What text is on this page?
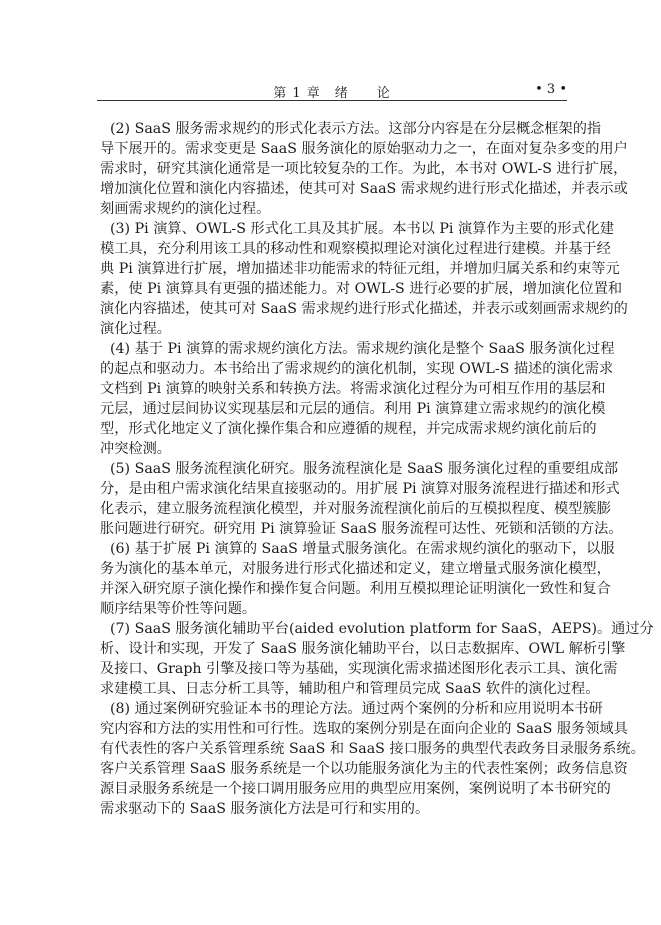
第 1 章　绪　　论	• 3 •
(2) SaaS 服务需求规约的形式化表示方法。这部分内容是在分层概念框架的指
导下展开的。需求变更是 SaaS 服务演化的原始驱动力之一，在面对复杂多变的用户
需求时，研究其演化通常是一项比较复杂的工作。为此，本书对 OWL-S 进行扩展，
增加演化位置和演化内容描述，使其可对 SaaS 需求规约进行形式化描述，并表示或
刻画需求规约的演化过程。
(3) Pi 演算、OWL-S 形式化工具及其扩展。本书以 Pi 演算作为主要的形式化建
模工具，充分利用该工具的移动性和观察模拟理论对演化过程进行建模。并基于经
典 Pi 演算进行扩展，增加描述非功能需求的特征元组，并增加归属关系和约束等元
素，使 Pi 演算具有更强的描述能力。对 OWL-S 进行必要的扩展，增加演化位置和
演化内容描述，使其可对 SaaS 需求规约进行形式化描述，并表示或刻画需求规约的
演化过程。
(4) 基于 Pi 演算的需求规约演化方法。需求规约演化是整个 SaaS 服务演化过程
的起点和驱动力。本书给出了需求规约的演化机制，实现 OWL-S 描述的演化需求
文档到 Pi 演算的映射关系和转换方法。将需求演化过程分为可相互作用的基层和
元层，通过层间协议实现基层和元层的通信。利用 Pi 演算建立需求规约的演化模
型，形式化地定义了演化操作集合和应遵循的规程，并完成需求规约演化前后的
冲突检测。
(5) SaaS 服务流程演化研究。服务流程演化是 SaaS 服务演化过程的重要组成部
分，是由租户需求演化结果直接驱动的。用扩展 Pi 演算对服务流程进行描述和形式
化表示，建立服务流程演化模型，并对服务流程演化前后的互模拟程度、模型簇膨
胀问题进行研究。研究用 Pi 演算验证 SaaS 服务流程可达性、死锁和活锁的方法。
(6) 基于扩展 Pi 演算的 SaaS 增量式服务演化。在需求规约演化的驱动下，以服
务为演化的基本单元，对服务进行形式化描述和定义，建立增量式服务演化模型，
并深入研究原子演化操作和操作复合问题。利用互模拟理论证明演化一致性和复合
顺序结果等价性等问题。
(7) SaaS 服务演化辅助平台(aided evolution platform for SaaS，AEPS)。通过分
析、设计和实现，开发了 SaaS 服务演化辅助平台，以日志数据库、OWL 解析引擎
及接口、Graph 引擎及接口等为基础，实现演化需求描述图形化表示工具、演化需
求建模工具、日志分析工具等，辅助租户和管理员完成 SaaS 软件的演化过程。
(8) 通过案例研究验证本书的理论方法。通过两个案例的分析和应用说明本书研
究内容和方法的实用性和可行性。选取的案例分别是在面向企业的 SaaS 服务领域具
有代表性的客户关系管理系统 SaaS 和 SaaS 接口服务的典型代表政务目录服务系统。
客户关系管理 SaaS 服务系统是一个以功能服务演化为主的代表性案例；政务信息资
源目录服务系统是一个接口调用服务应用的典型应用案例，案例说明了本书研究的
需求驱动下的 SaaS 服务演化方法是可行和实用的。
